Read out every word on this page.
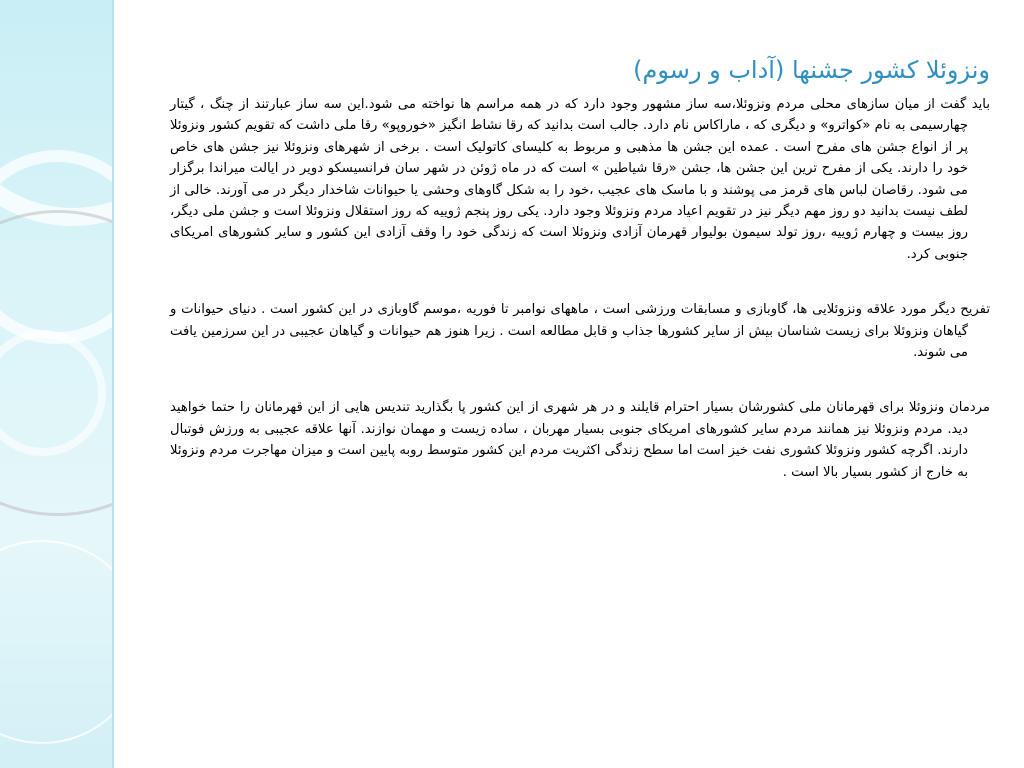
ونزوئلا کشور جشنها (آداب و رسوم)

باید گفت از میان سازهای محلی مردم ونزوئلا،سه ساز مشهور وجود دارد که در همه مراسم ها نواخته می شود.این سه ساز عبارتند از چنگ ، گیتار چهارسیمی به نام «کواترو» و دیگری که ، ماراکاس نام دارد. جالب است بدانید که رقا نشاط انگیز «خوروپو» رقا ملی داشت که تقویم کشور ونزوئلا پر از انواع جشن های مفرح است . عمده این جشن ها مذهبی و مربوط به کلیسای کاتولیک است . برخی از شهرهای ونزوئلا نیز جشن های خاص خود را دارند. یکی از مفرح ترین این جشن ها، جشن «رقا شیاطین » است که در ماه ژوئن در شهر سان فرانسیسکو دویر در ایالت میراندا برگزار می شود. رقاصان لباس های قرمز می پوشند و با ماسک های عجیب ،خود را به شکل گاوهای وحشی یا حیوانات شاخدار دیگر در می آورند. خالی از لطف نیست بدانید دو روز مهم دیگر نیز در تقویم اعیاد مردم ونزوئلا وجود دارد. یکی روز پنجم ژوییه که روز استقلال ونزوئلا است و جشن ملی دیگر، روز بیست و چهارم ژوییه ،روز تولد سیمون بولیوار قهرمان آزادی ونزوئلا است که زندگی خود را وقف آزادی این کشور و سایر کشورهای امریکای جنوبی کرد.

تفریح دیگر مورد علاقه ونزوئلایی ها، گاوبازی و مسابقات ورزشی است ، ماههای نوامبر تا فوریه ،موسم گاوبازی در این کشور است . دنیای حیوانات و گیاهان ونزوئلا برای زیست شناسان بیش از سایر کشورها جذاب و قابل مطالعه است . زیرا هنوز هم حیوانات و گیاهان عجیبی در این سرزمین یافت می شوند.

مردمان ونزوئلا برای قهرمانان ملی کشورشان بسیار احترام قایلند و در هر شهری از این کشور پا بگذارید تندیس هایی از این قهرمانان را حتما خواهید دید. مردم ونزوئلا نیز همانند مردم سایر کشورهای امریکای جنوبی بسیار مهربان ، ساده زیست و مهمان نوازند. آنها علاقه عجیبی به ورزش فوتبال دارند. اگرچه کشور ونزوئلا کشوری نفت خیز است اما سطح زندگی اکثریت مردم این کشور متوسط روبه پایین است و میزان مهاجرت مردم ونزوئلا به خارج از کشور بسیار بالا است .
